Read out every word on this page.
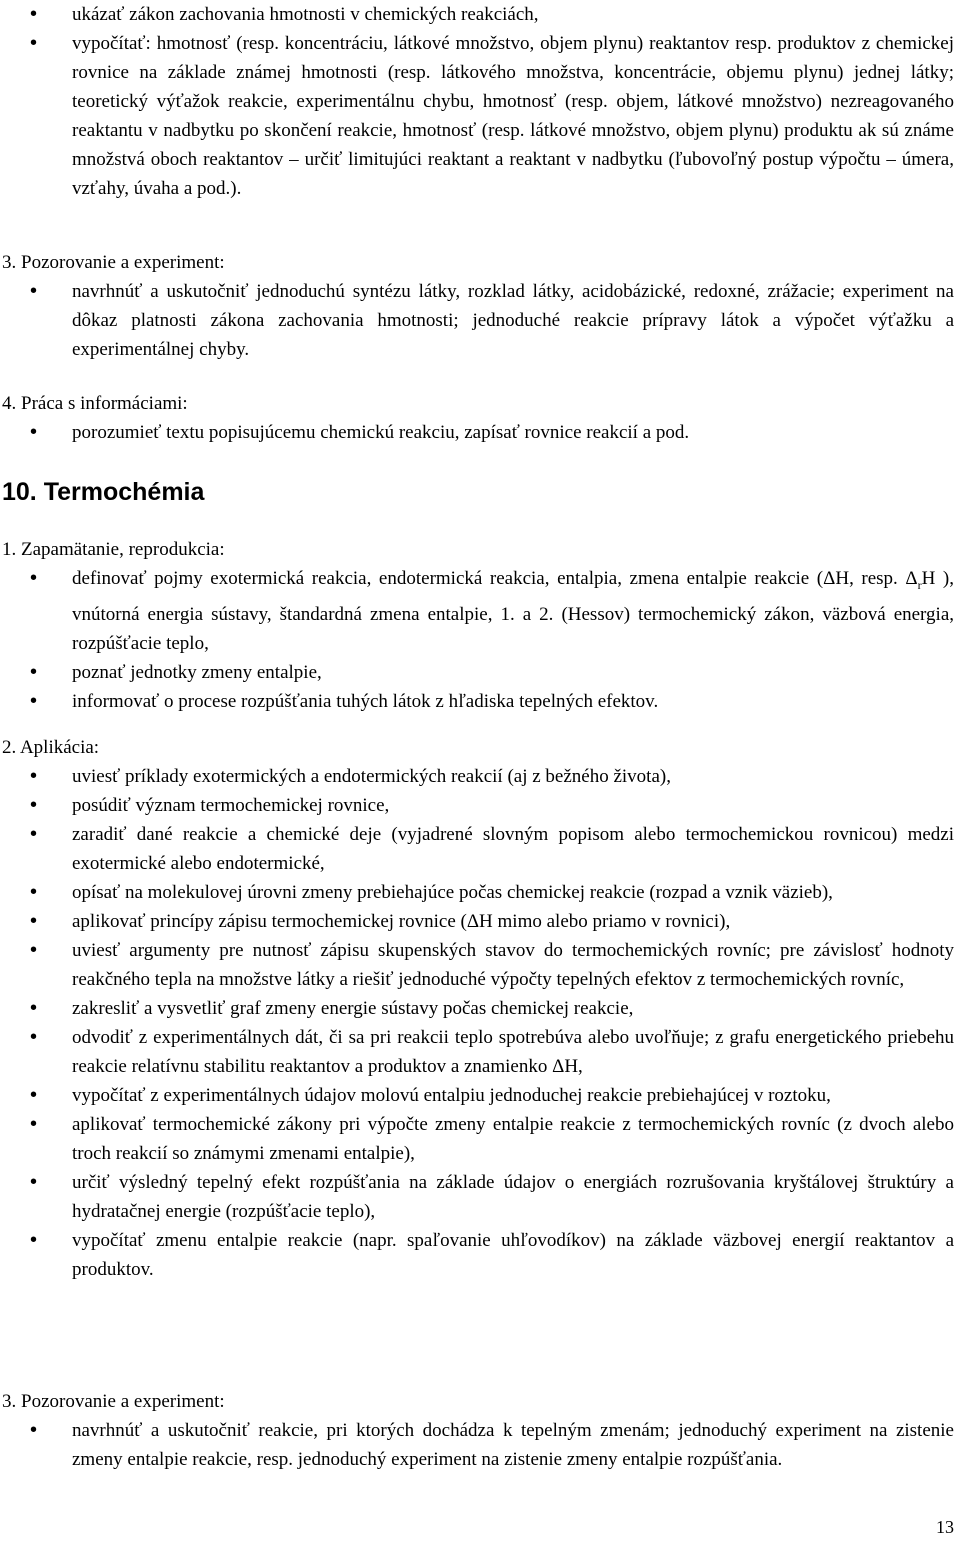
• ukázať zákon zachovania hmotnosti v chemických reakciách,
• vypočítať: hmotnosť (resp. koncentráciu, látkové množstvo, objem plynu) reaktantov resp. produktov z chemickej rovnice na základe známej hmotnosti (resp. látkového množstva, koncentrácie, objemu plynu) jednej látky; teoretický výťažok reakcie, experimentálnu chybu, hmotnosť (resp. objem, látkové množstvo) nezreagovaného reaktantu v nadbytku po skončení reakcie, hmotnosť (resp. látkové množstvo, objem plynu) produktu ak sú známe množstvá oboch reaktantov – určiť limitujúci reaktant a reaktant v nadbytku (ľubovoľný postup výpočtu – úmera, vzťahy, úvaha a pod.).
3. Pozorovanie a experiment:
• navrhnúť a uskutočniť jednoduchú syntézu látky, rozklad látky, acidobázické, redoxné, zrážacie; experiment na dôkaz platnosti zákona zachovania hmotnosti; jednoduché reakcie prípravy látok a výpočet výťažku a experimentálnej chyby.
4. Práca s informáciami:
• porozumieť textu popisujúcemu chemickú reakciu, zapísať rovnice reakcií a pod.
10. Termochémia
1. Zapamätanie, reprodukcia:
• definovať pojmy exotermická reakcia, endotermická reakcia, entalpia, zmena entalpie reakcie (ΔH, resp. $\Delta_rH$ ), vnútorná energia sústavy, štandardná zmena entalpie, 1. a 2. (Hessov) termochemický zákon, väzbová energia, rozpúšťacie teplo,
• poznať jednotky zmeny entalpie,
• informovať o procese rozpúšťania tuhých látok z hľadiska tepelných efektov.
2. Aplikácia:
• uviesť príklady exotermických a endotermických reakcií (aj z bežného života),
• posúdiť význam termochemickej rovnice,
• zaradiť dané reakcie a chemické deje (vyjadrené slovným popisom alebo termochemickou rovnicou) medzi exotermické alebo endotermické,
• opísať na molekulovej úrovni zmeny prebiehajúce počas chemickej reakcie (rozpad a vznik väzieb),
• aplikovať princípy zápisu termochemickej rovnice (ΔH mimo alebo priamo v rovnici),
• uviesť argumenty pre nutnosť zápisu skupenských stavov do termochemických rovníc; pre závislosť hodnoty reakčného tepla na množstve látky a riešiť jednoduché výpočty tepelných efektov z termochemických rovníc,
• zakresliť a vysvetliť graf zmeny energie sústavy počas chemickej reakcie,
• odvodiť z experimentálnych dát, či sa pri reakcii teplo spotrebúva alebo uvoľňuje; z grafu energetického priebehu reakcie relatívnu stabilitu reaktantov a produktov a znamienko ΔH,
• vypočítať z experimentálnych údajov molovú entalpiu jednoduchej reakcie prebiehajúcej v roztoku,
• aplikovať termochemické zákony pri výpočte zmeny entalpie reakcie z termochemických rovníc (z dvoch alebo troch reakcií so známymi zmenami entalpie),
• určiť výsledný tepelný efekt rozpúšťania na základe údajov o energiách rozrušovania kryštálovej štruktúry a hydratačnej energie (rozpúšťacie teplo),
• vypočítať zmenu entalpie reakcie (napr. spaľovanie uhľovodíkov) na základe väzbovej energií reaktantov a produktov.
3. Pozorovanie a experiment:
• navrhnúť a uskutočniť reakcie, pri ktorých dochádza k tepelným zmenám; jednoduchý experiment na zistenie zmeny entalpie reakcie, resp. jednoduchý experiment na zistenie zmeny entalpie rozpúšťania.
13
